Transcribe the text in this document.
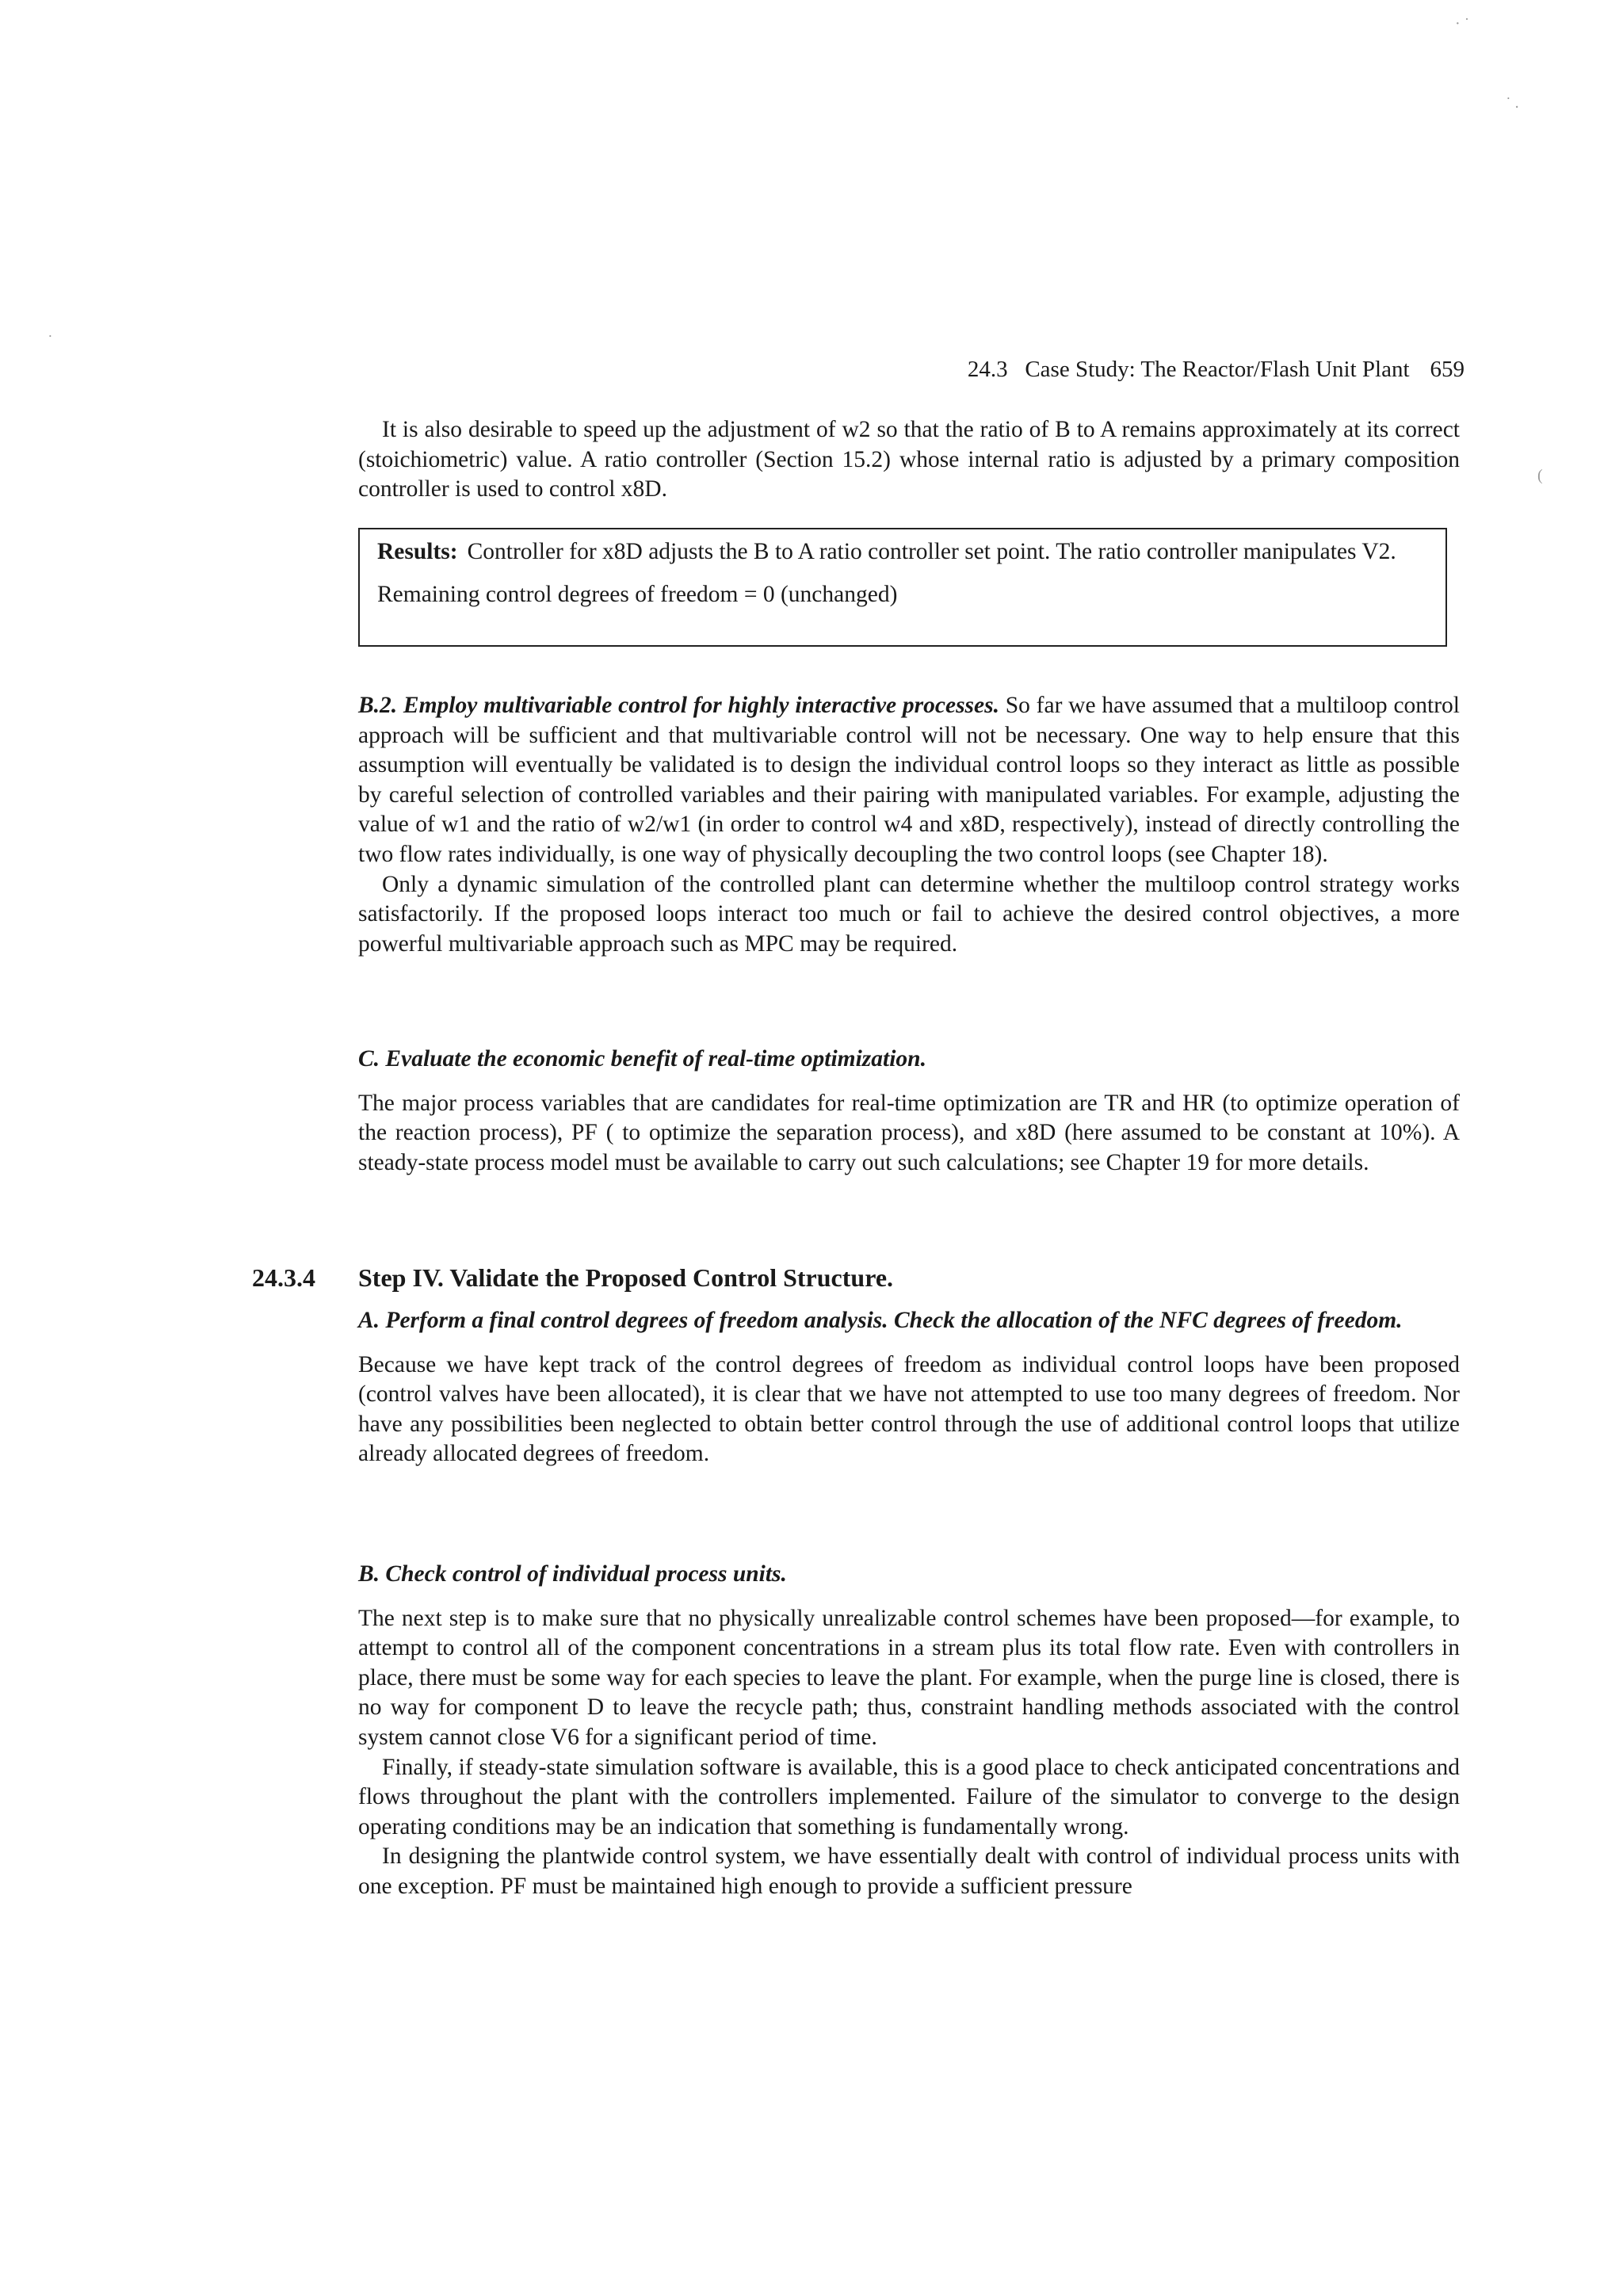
24.3 Case Study: The Reactor/Flash Unit Plant 659

It is also desirable to speed up the adjustment of w2 so that the ratio of B to A remains approximately at its correct (stoichiometric) value. A ratio controller (Section 15.2) whose internal ratio is adjusted by a primary composition controller is used to control x8D.

Results: Controller for x8D adjusts the B to A ratio controller set point. The ratio controller manipulates V2.
Remaining control degrees of freedom = 0 (unchanged)

B.2. Employ multivariable control for highly interactive processes. So far we have assumed that a multiloop control approach will be sufficient and that multivariable control will not be necessary. One way to help ensure that this assumption will eventually be validated is to design the individual control loops so they interact as little as possible by careful selection of controlled variables and their pairing with manipulated variables. For example, adjusting the value of w1 and the ratio of w2/w1 (in order to control w4 and x8D, respectively), instead of directly controlling the two flow rates individually, is one way of physically decoupling the two control loops (see Chapter 18).

Only a dynamic simulation of the controlled plant can determine whether the multiloop control strategy works satisfactorily. If the proposed loops interact too much or fail to achieve the desired control objectives, a more powerful multivariable approach such as MPC may be required.

C. Evaluate the economic benefit of real-time optimization.

The major process variables that are candidates for real-time optimization are TR and HR (to optimize operation of the reaction process), PF ( to optimize the separation process), and x8D (here assumed to be constant at 10%). A steady-state process model must be available to carry out such calculations; see Chapter 19 for more details.

24.3.4 Step IV. Validate the Proposed Control Structure.

A. Perform a final control degrees of freedom analysis. Check the allocation of the NFC degrees of freedom.

Because we have kept track of the control degrees of freedom as individual control loops have been proposed (control valves have been allocated), it is clear that we have not attempted to use too many degrees of freedom. Nor have any possibilities been neglected to obtain better control through the use of additional control loops that utilize already allocated degrees of freedom.

B. Check control of individual process units.

The next step is to make sure that no physically unrealizable control schemes have been proposed—for example, to attempt to control all of the component concentrations in a stream plus its total flow rate. Even with controllers in place, there must be some way for each species to leave the plant. For example, when the purge line is closed, there is no way for component D to leave the recycle path; thus, constraint handling methods associated with the control system cannot close V6 for a significant period of time.

Finally, if steady-state simulation software is available, this is a good place to check anticipated concentrations and flows throughout the plant with the controllers implemented. Failure of the simulator to converge to the design operating conditions may be an indication that something is fundamentally wrong.

In designing the plantwide control system, we have essentially dealt with control of individual process units with one exception. PF must be maintained high enough to provide a sufficient pressure

· ˙
˙ .
˙
(
